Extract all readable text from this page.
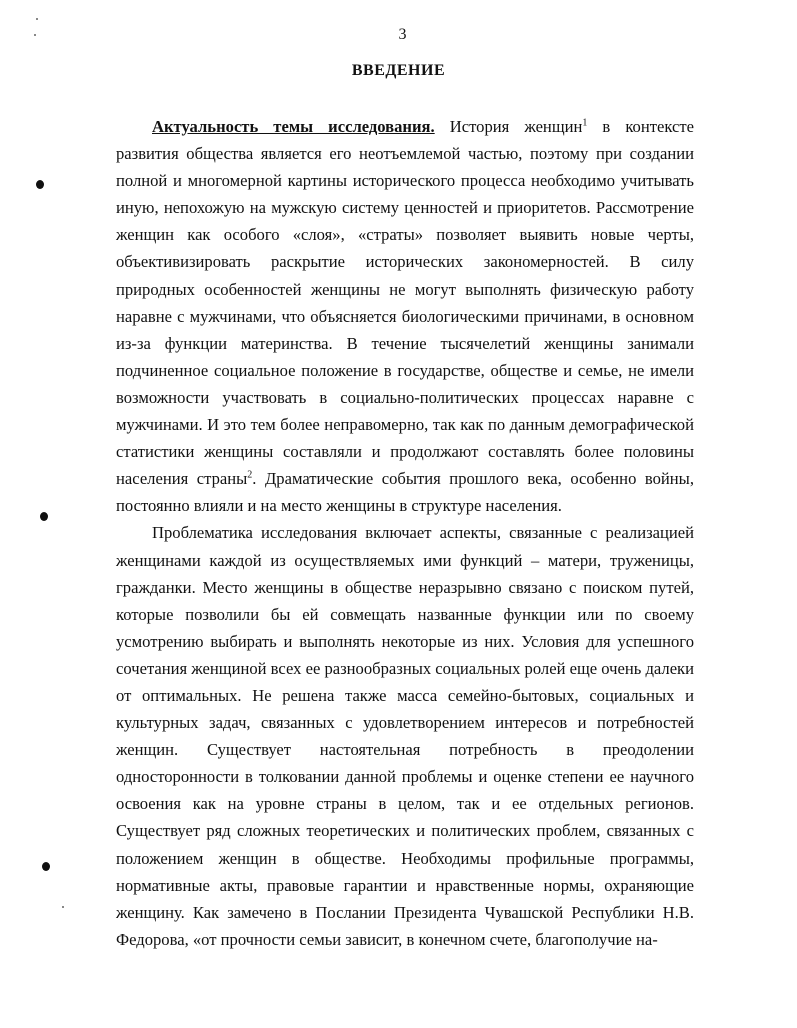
3
ВВЕДЕНИЕ

Актуальность темы исследования. История женщин$^1$ в контексте развития общества является его неотъемлемой частью, поэтому при создании полной и многомерной картины исторического процесса необходимо учитывать иную, непохожую на мужскую систему ценностей и приоритетов. Рассмотрение женщин как особого «слоя», «страты» позволяет выявить новые черты, объективизировать раскрытие исторических закономерностей. В силу природных особенностей женщины не могут выполнять физическую работу наравне с мужчинами, что объясняется биологическими причинами, в основном из-за функции материнства. В течение тысячелетий женщины занимали подчиненное социальное положение в государстве, обществе и семье, не имели возможности участвовать в социально-политических процессах наравне с мужчинами. И это тем более неправомерно, так как по данным демографической статистики женщины составляли и продолжают составлять более половины населения страны$^2$. Драматические события прошлого века, особенно войны, постоянно влияли и на место женщины в структуре населения.

Проблематика исследования включает аспекты, связанные с реализацией женщинами каждой из осуществляемых ими функций – матери, труженицы, гражданки. Место женщины в обществе неразрывно связано с поиском путей, которые позволили бы ей совмещать названные функции или по своему усмотрению выбирать и выполнять некоторые из них. Условия для успешного сочетания женщиной всех ее разнообразных социальных ролей еще очень далеки от оптимальных. Не решена также масса семейно-бытовых, социальных и культурных задач, связанных с удовлетворением интересов и потребностей женщин. Существует настоятельная потребность в преодолении односторонности в толковании данной проблемы и оценке степени ее научного освоения как на уровне страны в целом, так и ее отдельных регионов. Существует ряд сложных теоретических и политических проблем, связанных с положением женщин в обществе. Необходимы профильные программы, нормативные акты, правовые гарантии и нравственные нормы, охраняющие женщину. Как замечено в Послании Президента Чувашской Республики Н.В. Федорова, «от прочности семьи зависит, в конечном счете, благополучие на-
